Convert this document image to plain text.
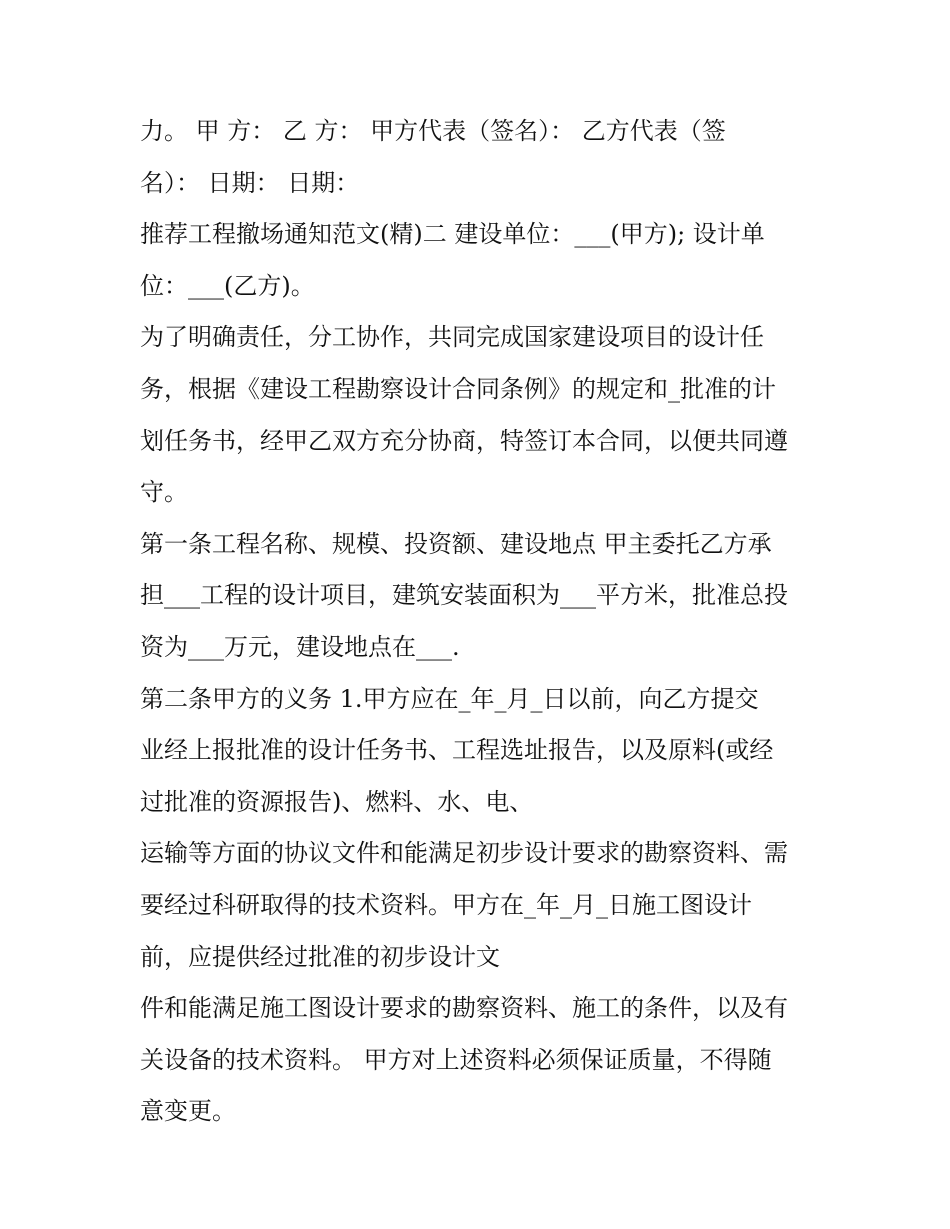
力。 甲 方： 乙 方： 甲方代表（签名）： 乙方代表（签
名）： 日期： 日期：
推荐工程撤场通知范文(精)二 建设单位：___(甲方); 设计单
位：___(乙方)。
为了明确责任，分工协作，共同完成国家建设项目的设计任
务，根据《建设工程勘察设计合同条例》的规定和_批准的计
划任务书，经甲乙双方充分协商，特签订本合同，以便共同遵
守。
第一条工程名称、规模、投资额、建设地点 甲主委托乙方承
担___工程的设计项目，建筑安装面积为___平方米，批准总投
资为___万元，建设地点在___.
第二条甲方的义务 1.甲方应在_年_月_日以前，向乙方提交
业经上报批准的设计任务书、工程选址报告，以及原料(或经
过批准的资源报告)、燃料、水、电、
运输等方面的协议文件和能满足初步设计要求的勘察资料、需
要经过科研取得的技术资料。甲方在_年_月_日施工图设计
前，应提供经过批准的初步设计文
件和能满足施工图设计要求的勘察资料、施工的条件，以及有
关设备的技术资料。 甲方对上述资料必须保证质量，不得随
意变更。
